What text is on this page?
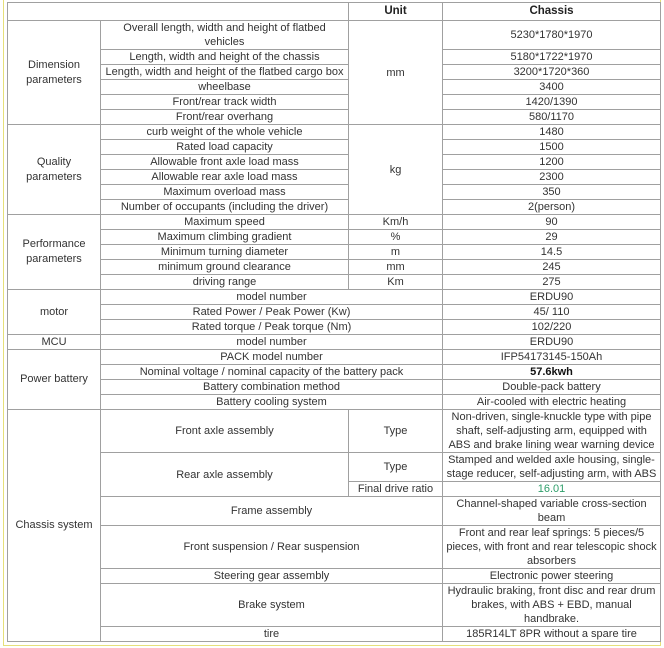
		Unit	Chassis
Dimension parameters	Overall length, width and height of flatbed vehicles	mm	5230*1780*1970
	Length, width and height of the chassis		5180*1722*1970
	Length, width and height of the flatbed cargo box		3200*1720*360
	wheelbase		3400
	Front/rear track width		1420/1390
	Front/rear overhang		580/1170
Quality parameters	curb weight of the whole vehicle	kg	1480
	Rated load capacity		1500
	Allowable front axle load mass		1200
	Allowable rear axle load mass		2300
	Maximum overload mass		350
	Number of occupants (including the driver)		2(person)
Performance parameters	Maximum speed	Km/h	90
	Maximum climbing gradient	%	29
	Minimum turning diameter	m	14.5
	minimum ground clearance	mm	245
	driving range	Km	275
motor	model number		ERDU90
	Rated Power / Peak Power (Kw)		45/ 110
	Rated torque / Peak torque (Nm)		102/220
MCU	model number		ERDU90
Power battery	PACK model number		IFP54173145-150Ah
	Nominal voltage / nominal capacity of the battery pack		57.6kwh
	Battery combination method		Double-pack battery
	Battery cooling system		Air-cooled with electric heating
Chassis system	Front axle assembly	Type	Non-driven, single-knuckle type with pipe shaft, self-adjusting arm, equipped with ABS and brake lining wear warning device
	Rear axle assembly	Type	Stamped and welded axle housing, single-stage reducer, self-adjusting arm, with ABS
		Final drive ratio	16.01
	Frame assembly		Channel-shaped variable cross-section beam
	Front suspension / Rear suspension		Front and rear leaf springs: 5 pieces/5 pieces, with front and rear telescopic shock absorbers
	Steering gear assembly		Electronic power steering
	Brake system		Hydraulic braking, front disc and rear drum brakes, with ABS + EBD, manual handbrake.
	tire		185R14LT 8PR without a spare tire
